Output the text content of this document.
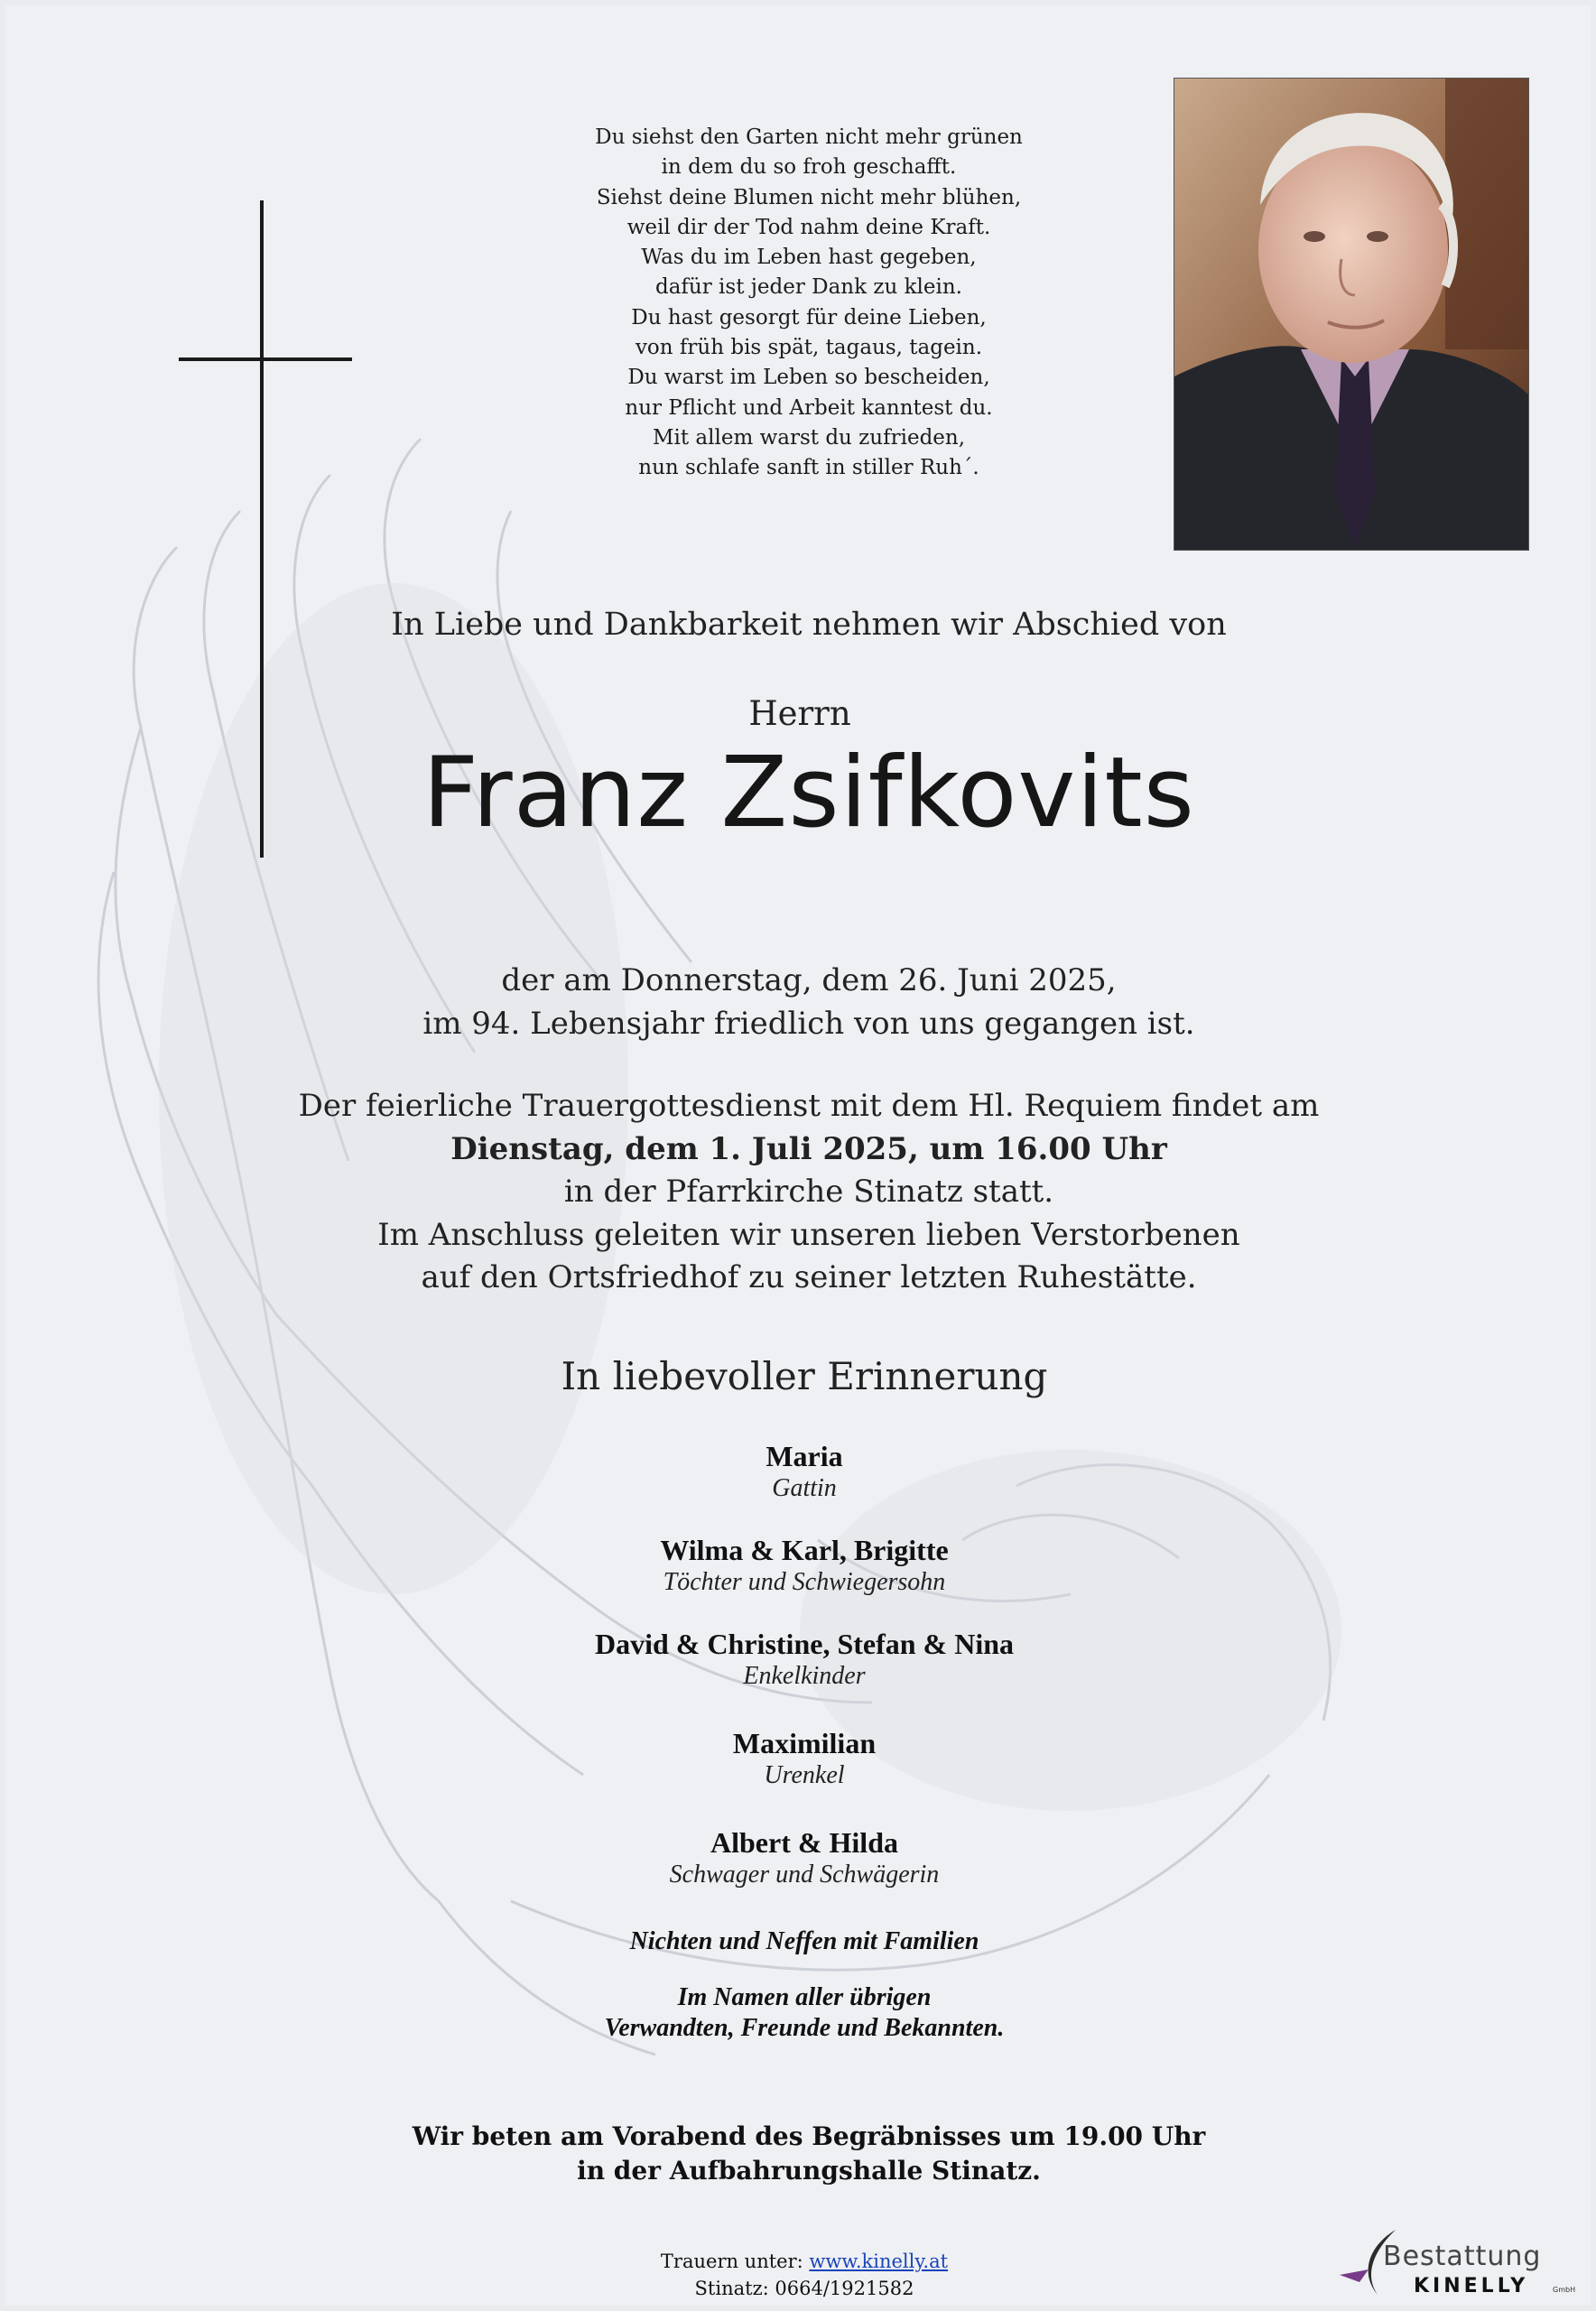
Du siehst den Garten nicht mehr grünen
in dem du so froh geschafft.
Siehst deine Blumen nicht mehr blühen,
weil dir der Tod nahm deine Kraft.
Was du im Leben hast gegeben,
dafür ist jeder Dank zu klein.
Du hast gesorgt für deine Lieben,
von früh bis spät, tagaus, tagein.
Du warst im Leben so bescheiden,
nur Pflicht und Arbeit kanntest du.
Mit allem warst du zufrieden,
nun schlafe sanft in stiller Ruh´.
In Liebe und Dankbarkeit nehmen wir Abschied von
Herrn
Franz Zsifkovits
der am Donnerstag, dem 26. Juni 2025,
im 94. Lebensjahr friedlich von uns gegangen ist.
Der feierliche Trauergottesdienst mit dem Hl. Requiem findet am
Dienstag, dem 1. Juli 2025, um 16.00 Uhr
in der Pfarrkirche Stinatz statt.
Im Anschluss geleiten wir unseren lieben Verstorbenen
auf den Ortsfriedhof zu seiner letzten Ruhestätte.
In liebevoller Erinnerung
Maria
Gattin
Wilma & Karl, Brigitte
Töchter und Schwiegersohn
David & Christine, Stefan & Nina
Enkelkinder
Maximilian
Urenkel
Albert & Hilda
Schwager und Schwägerin
Nichten und Neffen mit Familien
Im Namen aller übrigen
Verwandten, Freunde und Bekannten.
Wir beten am Vorabend des Begräbnisses um 19.00 Uhr
in der Aufbahrungshalle Stinatz.
Trauern unter: www.kinelly.at
Stinatz: 0664/1921582
Bestattung
KINELLY	GmbH
